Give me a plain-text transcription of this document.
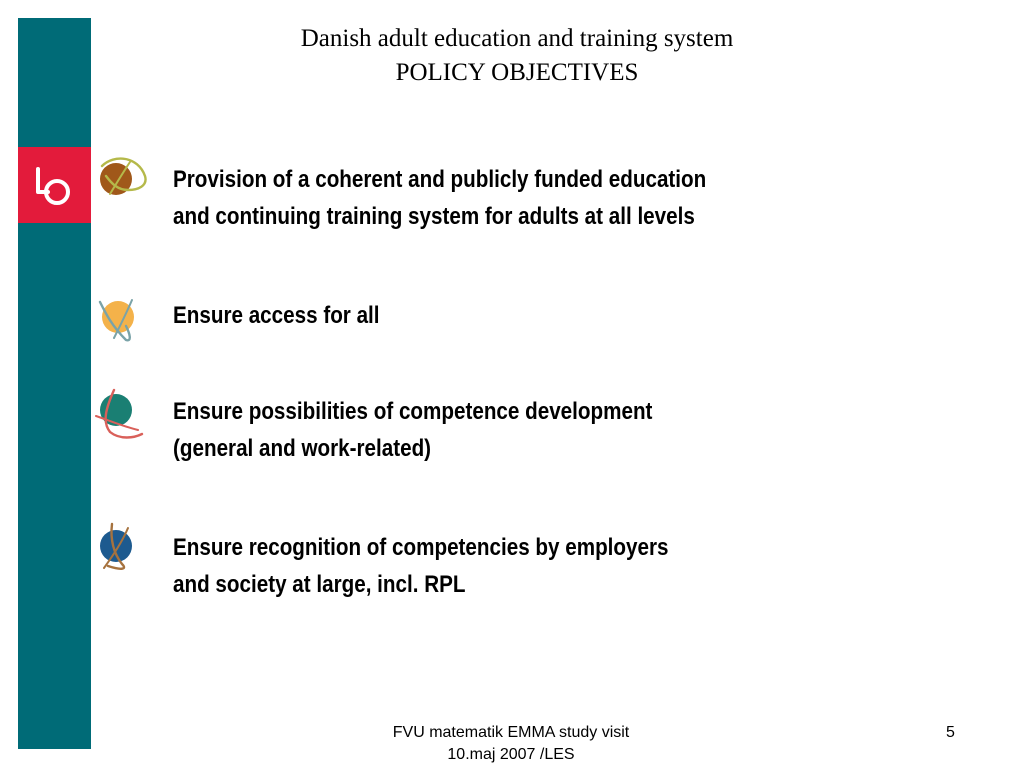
Danish adult education and training system
POLICY OBJECTIVES
Provision of a coherent and publicly funded education
and continuing training system for adults at all levels
Ensure access for all
Ensure possibilities of competence development
(general and work-related)
Ensure recognition of competencies by employers
and society at large, incl. RPL
FVU matematik EMMA study visit
10.maj 2007 /LES
5
